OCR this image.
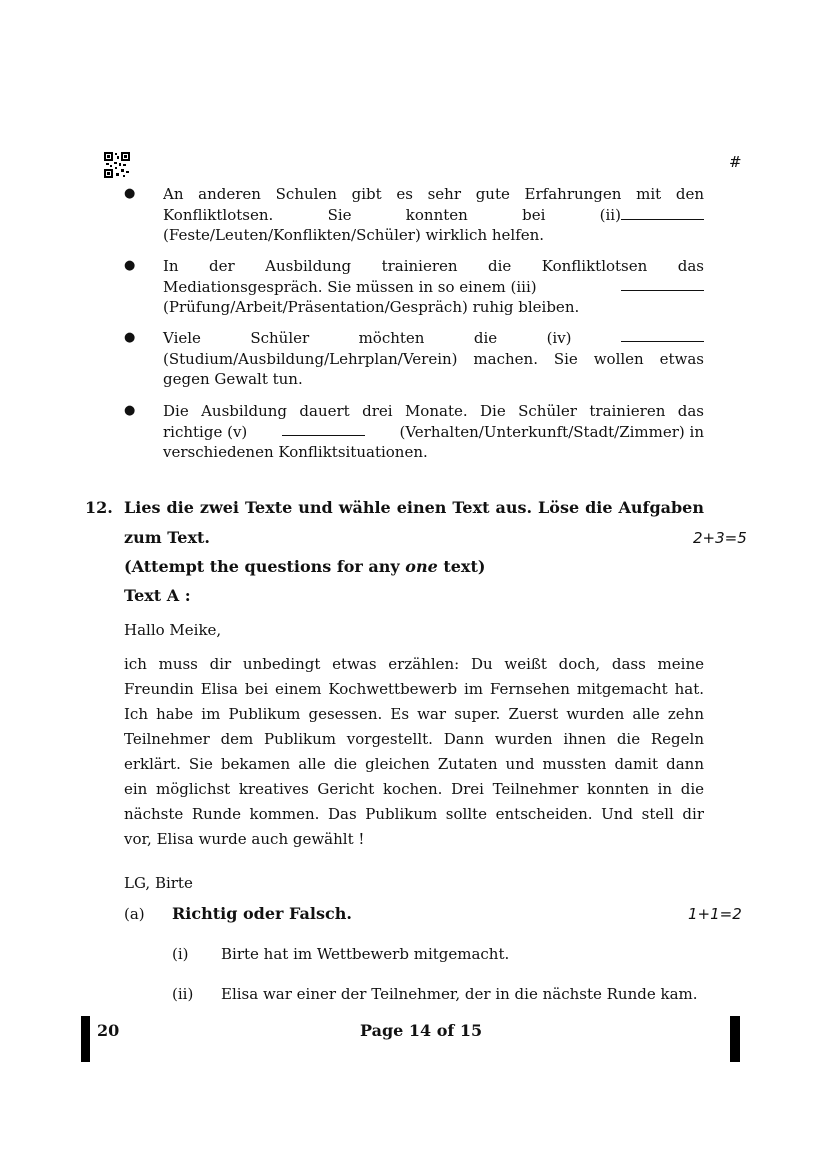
#
● An anderen Schulen gibt es sehr gute Erfahrungen mit den
Konfliktlotsen.	Sie	konnten	bei	(ii)
(Feste/Leuten/Konflikten/Schüler) wirklich helfen.
● In der Ausbildung trainieren die Konfliktlotsen das
Mediationsgespräch. Sie müssen in so einem (iii)
(Prüfung/Arbeit/Präsentation/Gespräch) ruhig bleiben.
● Viele	Schüler	möchten	die	(iv)
(Studium/Ausbildung/Lehrplan/Verein) machen. Sie wollen etwas
gegen Gewalt tun.
● Die Ausbildung dauert drei Monate. Die Schüler trainieren das
richtige (v)	(Verhalten/Unterkunft/Stadt/Zimmer) in
verschiedenen Konfliktsituationen.
12. Lies die zwei Texte und wähle einen Text aus. Löse die Aufgaben
zum Text.	2+3=5
(Attempt the questions for any one text)
Text A :
Hallo Meike,
ich muss dir unbedingt etwas erzählen: Du weißt doch, dass meine
Freundin Elisa bei einem Kochwettbewerb im Fernsehen mitgemacht hat.
Ich habe im Publikum gesessen. Es war super. Zuerst wurden alle zehn
Teilnehmer dem Publikum vorgestellt. Dann wurden ihnen die Regeln
erklärt. Sie bekamen alle die gleichen Zutaten und mussten damit dann
ein möglichst kreatives Gericht kochen. Drei Teilnehmer konnten in die
nächste Runde kommen. Das Publikum sollte entscheiden. Und stell dir
vor, Elisa wurde auch gewählt !
LG, Birte
(a) Richtig oder Falsch.	1+1=2
(i) Birte hat im Wettbewerb mitgemacht.
(ii) Elisa war einer der Teilnehmer, der in die nächste Runde kam.
20	Page 14 of 15
